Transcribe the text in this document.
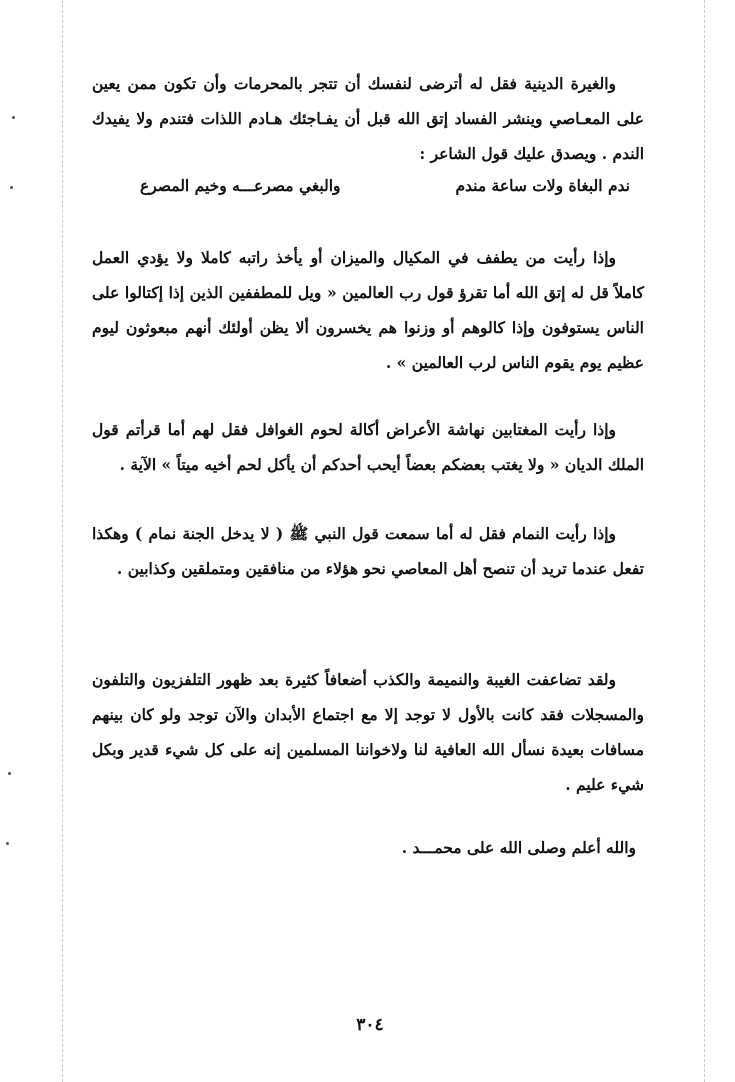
والغيرة الدينية فقل له أترضى لنفسك أن تتجر بالمحرمات وأن تكون ممن يعين على المعـاصي وينشر الفساد إتق الله قبل أن يفـاجئك هـادم اللذات فتندم ولا يفيدك الندم . ويصدق عليك قول الشاعر :

ندم البغاة ولات ساعة مندم
والبغي مصرعـــه وخيم المصرع

وإذا رأيت من يطفف في المكيال والميزان أو يأخذ راتبه كاملا ولا يؤدي العمل كاملاً قل له إتق الله أما تقرؤ قول رب العالمين « ويل للمطففين الذين إذا إكتالوا على الناس يستوفون وإذا كالوهم أو وزنوا هم يخسرون ألا يظن أولئك أنهم مبعوثون ليوم عظيم يوم يقوم الناس لرب العالمين » .

وإذا رأيت المغتابين نهاشة الأعراض أكالة لحوم الغوافل فقل لهم أما قرأتم قول الملك الديان « ولا يغتب بعضكم بعضاً أيحب أحدكم أن يأكل لحم أخيه ميتاً » الآية .

وإذا رأيت النمام فقل له أما سمعت قول النبي ﷺ ( لا يدخل الجنة نمام ) وهكذا تفعل عندما تريد أن تنصح أهل المعاصي نحو هؤلاء من منافقين ومتملقين وكذابين .

ولقد تضاعفت الغيبة والنميمة والكذب أضعافاً كثيرة بعد ظهور التلفزيون والتلفون والمسجلات فقد كانت بالأول لا توجد إلا مع اجتماع الأبدان والآن توجد ولو كان بينهم مسافات بعيدة نسأل الله العافية لنا ولاخواننا المسلمين إنه على كل شيء قدير وبكل شيء عليم .

والله أعلم وصلى الله على محمـــد .
٣٠٤
